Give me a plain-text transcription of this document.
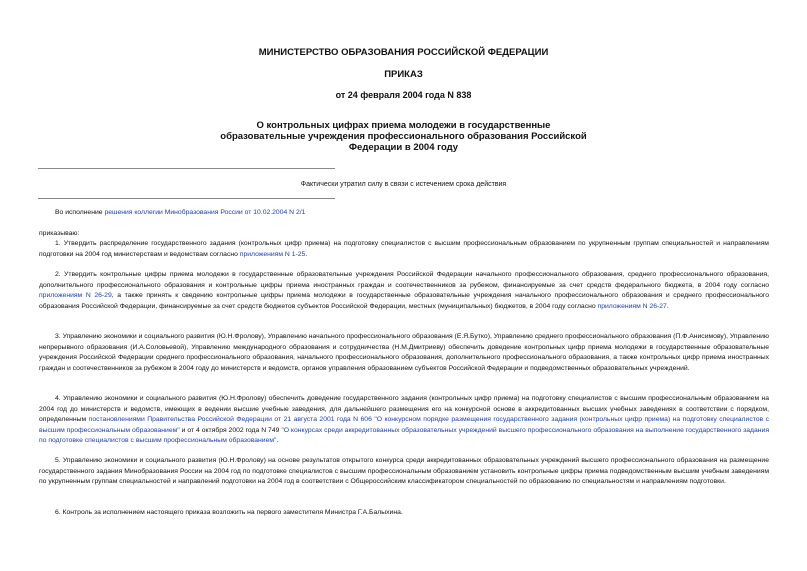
МИНИСТЕРСТВО ОБРАЗОВАНИЯ РОССИЙСКОЙ ФЕДЕРАЦИИ
ПРИКАЗ
от 24 февраля 2004 года N 838
О контрольных цифрах приема молодежи в государственные
образовательные учреждения профессионального образования Российской
Федерации в 2004 году
Фактически утратил силу в связи с истечением срока действия

Во исполнение решения коллегии Минобразования России от 10.02.2004 N 2/1

приказываю:

1. Утвердить распределение государственного задания (контрольных цифр приема) на подготовку специалистов с высшим профессиональным образованием по укрупненным группам специальностей и направлениям подготовки на 2004 год министерствам и ведомствам согласно приложениям N 1-25.

2. Утвердить контрольные цифры приема молодежи в государственные образовательные учреждения Российской Федерации начального профессионального образования, среднего профессионального образования, дополнительного профессионального образования и контрольные цифры приема иностранных граждан и соотечественников за рубежом, финансируемые за счет средств федерального бюджета, в 2004 году согласно приложениям N 26-29, а также принять к сведению контрольные цифры приема молодежи в государственные образовательные учреждения начального профессионального образования и среднего профессионального образования Российской Федерации, финансируемые за счет средств бюджетов субъектов Российской Федерации, местных (муниципальных) бюджетов, в 2004 году согласно приложениям N 26-27.

3. Управлению экономики и социального развития (Ю.Н.Фролову), Управлению начального профессионального образования (Е.Я.Бутко), Управлению среднего профессионального образования (П.Ф.Анисимову), Управлению непрерывного образования (И.А.Соловьевой), Управлению международного образования и сотрудничества (Н.М.Дмитриеву) обеспечить доведение контрольных цифр приема молодежи в государственные образовательные учреждения Российской Федерации среднего профессионального образования, начального профессионального образования, дополнительного профессионального образования, а также контрольных цифр приема иностранных граждан и соотечественников за рубежом в 2004 году до министерств и ведомств, органов управления образованием субъектов Российской Федерации и подведомственных образовательных учреждений.

4. Управлению экономики и социального развития (Ю.Н.Фролову) обеспечить доведение государственного задания (контрольных цифр приема) на подготовку специалистов с высшим профессиональным образованием на 2004 год до министерств и ведомств, имеющих в ведении высшие учебные заведения, для дальнейшего размещения его на конкурсной основе в аккредитованных высших учебных заведениях в соответствии с порядком, определенным постановлениями Правительства Российской Федерации от 21 августа 2001 года N 606 "О конкурсном порядке размещения государственного задания (контрольных цифр приема) на подготовку специалистов с высшим профессиональным образованием" и от 4 октября 2002 года N 749 "О конкурсах среди аккредитованных образовательных учреждений высшего профессионального образования на выполнение государственного задания по подготовке специалистов с высшим профессиональным образованием".

5. Управлению экономики и социального развития (Ю.Н.Фролову) на основе результатов открытого конкурса среди аккредитованных образовательных учреждений высшего профессионального образования на размещение государственного задания Минобразования России на 2004 год по подготовке специалистов с высшим профессиональным образованием установить контрольные цифры приема подведомственным высшим учебным заведениям по укрупненным группам специальностей и направлений подготовки на 2004 год в соответствии с Общероссийским классификатором специальностей по образованию по специальностям и направлениям подготовки.

6. Контроль за исполнением настоящего приказа возложить на первого заместителя Министра Г.А.Балыхина.
